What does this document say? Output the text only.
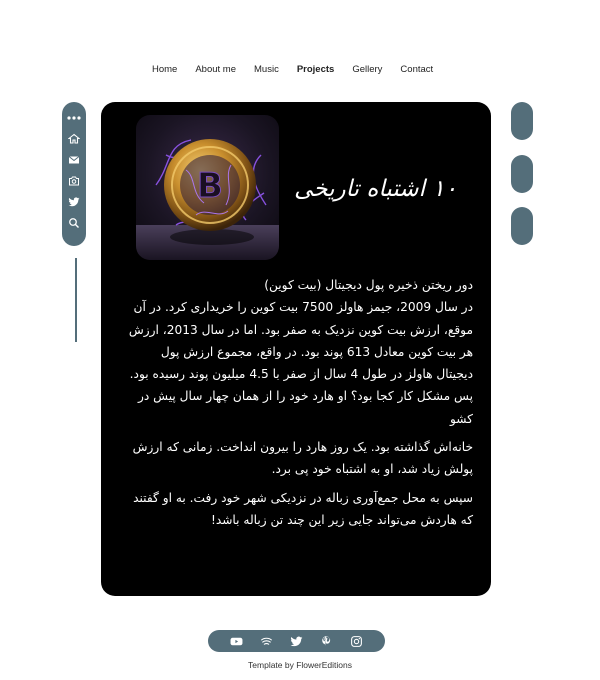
Home	About me	Music	Projects	Gellery	Contact
B	١٠ اشتباه تاریخی

دور ریختن ذخیره پول دیجیتال (بیت کوین)

در سال 2009، جیمز هاولز 7500 بیت کوین را خریداری کرد. در آن موقع، ارزش بیت کوین نزدیک به صفر بود. اما در سال 2013، ارزش هر بیت کوین معادل 613 پوند بود. در واقع، مجموع ارزش پول دیجیتال هاولز در طول 4 سال از صفر با 4.5 میلیون پوند رسیده بود. پس مشکل کار کجا بود؟ او هارد خود را از همان چهار سال پیش در کشو

خانه‌اش گذاشته بود. یک روز هارد را بیرون انداخت. زمانی که ارزش پولش زیاد شد، او به اشتباه خود پی برد.

سپس به محل جمع‌آوری زباله در نزدیکی شهر خود رفت. به او گفتند که هاردش می‌تواند جایی زیر این چند تن زباله باشد!

Template by FlowerEditions
